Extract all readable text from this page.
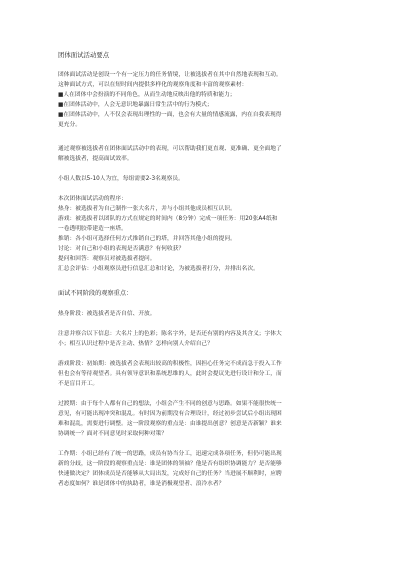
团体面试活动要点

团体面试活动是创设一个有一定压力的任务情境，让被选拔者在其中自然地表现和互动。

这种面试方式，可以在短时间内提供多样化的观察角度和丰富的观察素材：

■人在团体中会扮演的不同角色，从而生动地反映出他的特质和能力；

■在团体活动中，人会无意识地暴露日常生活中的行为模式；

■在团体活动中，人不仅会表现出理性的一面，也会有大量的情感流露，内在自我表现得

更充分。

通过观察被选拔者在团体面试活动中的表现，可以帮助我们更直观、更准确、更全面地了

解被选拔者，提高面试效率。

小组人数以5-10人为宜，每组需要2-3名观察员。

本次团体面试活动的程序：

热身：被选拔者为自己制作一张大名片，并与小组其他成员相互认识。

游戏：被选拔者以团队的方式在规定的时间内（8分钟）完成一项任务：用20张A4纸和

一卷透明胶带建造一座塔。

推销：各小组可选择任何方式推销自己的塔，并回答其他小组的提问。

讨论：对自己和小组的表现是否满意？有何收获？

提问和回答：观察员对被选拔者提问。

汇总会评估：小组观察员进行信息汇总和讨论，为被选拔者打分，并排出名次。

面试不同阶段的观察重点：

热身阶段：被选拔者是否自信、开放。

注意并察合以下信息：大名片上的色彩；陈名字外，是否还有别的内容及其含义；字体大

小；相互认识过程中是否主动、热情？怎样向别人介绍自己？

游戏阶段：初始期：被选拔者会表现出较高的积极性，因担心任务完不成而急于投入工作

但也会有等待观望者。具有领导意识和系统思维的人，此时会提议先进行设计和分工，而

不是盲目开工。

过渡期：由于每个人都有自己的想法，小组会产生不同的创意与思路。如果不能很快统一

意见，有可能出现冲突和混乱。有时因为前期没有合理设计，经过初步尝试后小组出现困

难和混乱，需要进行调整。这一阶段观察的重点是：由谁提出创意？创意是否新颖？谁来

协调统一？面对不同意见时采取何种对策？

工作期：小组已经有了统一的思路，成员有协当分工，迅速完成各项任务，但仍可能出现

新的分歧，这一阶段的观察重点是：谁是团体的领袖？他是否有组织协调能力？是否能够

快速做决定？团体成员是否能够从大局出发，完成好自己的任务？当进展不顺利时，应聘

者态度如何？谁是团体中的执助者，谁是消极观望者、浪冷水者？
